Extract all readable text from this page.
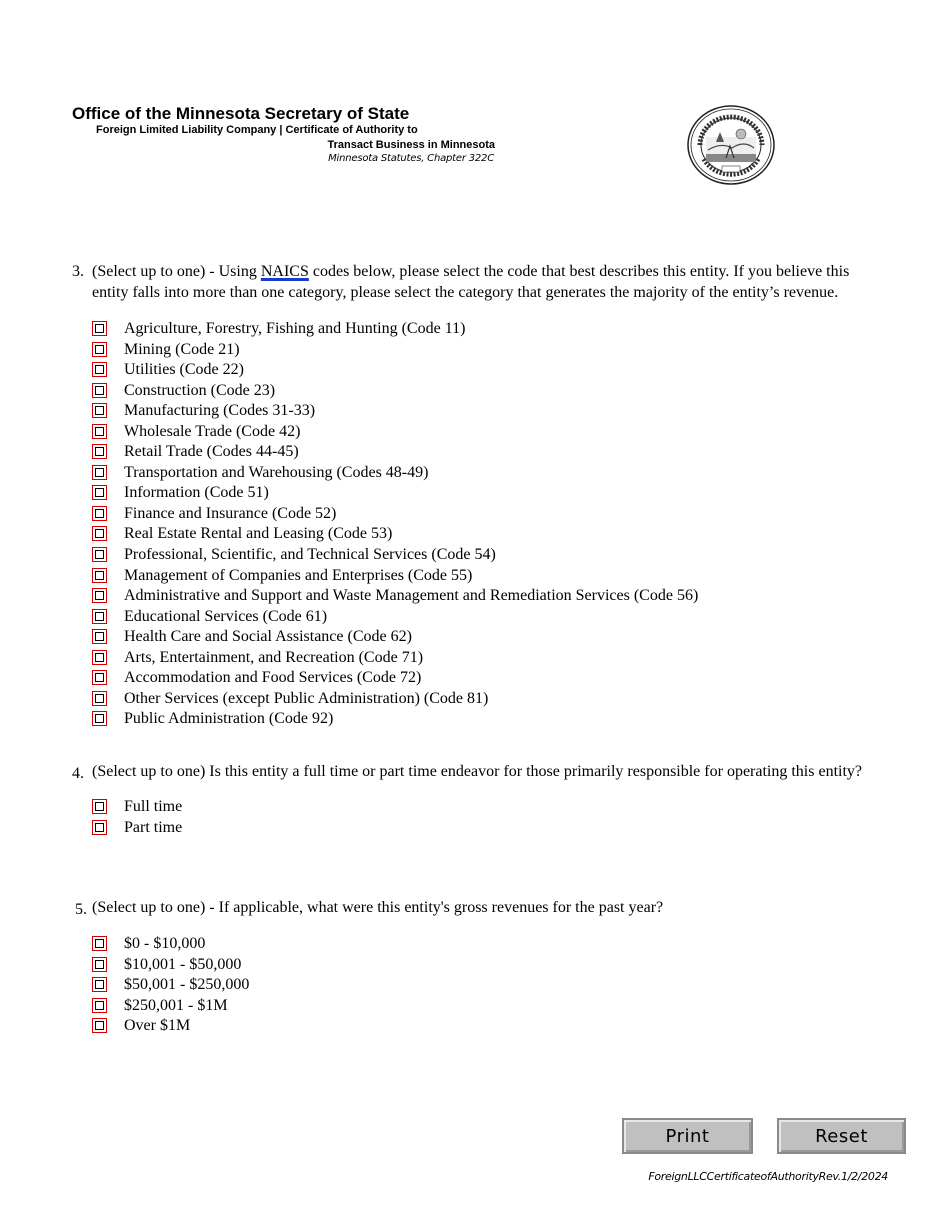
Office of the Minnesota Secretary of State
Foreign Limited Liability Company | Certificate of Authority to
Transact Business in Minnesota
Minnesota Statutes, Chapter 322C
3. (Select up to one) - Using NAICS codes below, please select the code that best describes this entity. If you believe this
entity falls into more than one category, please select the category that generates the majority of the entity’s revenue.
Agriculture, Forestry, Fishing and Hunting (Code 11)
Mining (Code 21)
Utilities (Code 22)
Construction (Code 23)
Manufacturing (Codes 31-33)
Wholesale Trade (Code 42)
Retail Trade (Codes 44-45)
Transportation and Warehousing (Codes 48-49)
Information (Code 51)
Finance and Insurance (Code 52)
Real Estate Rental and Leasing (Code 53)
Professional, Scientific, and Technical Services (Code 54)
Management of Companies and Enterprises (Code 55)
Administrative and Support and Waste Management and Remediation Services (Code 56)
Educational Services (Code 61)
Health Care and Social Assistance (Code 62)
Arts, Entertainment, and Recreation (Code 71)
Accommodation and Food Services (Code 72)
Other Services (except Public Administration) (Code 81)
Public Administration (Code 92)
4. (Select up to one) Is this entity a full time or part time endeavor for those primarily responsible for operating this entity?
Full time
Part time
5. (Select up to one) - If applicable, what were this entity's gross revenues for the past year?
$0 - $10,000
$10,001 - $50,000
$50,001 - $250,000
$250,001 - $1M
Over $1M
Print	Reset
ForeignLLCCertificateofAuthorityRev.1/2/2024
